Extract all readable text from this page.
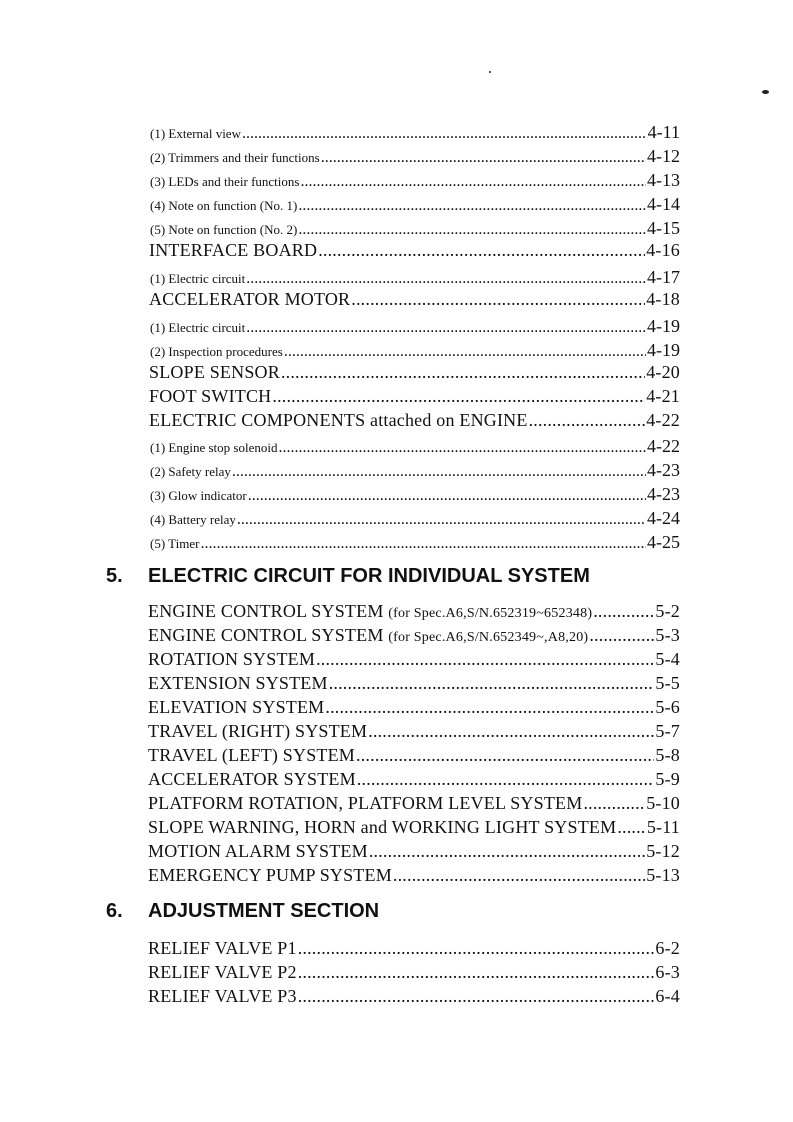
(1) External view .....	4-11
(2) Trimmers and their functions .....	4-12
(3) LEDs and their functions .....	4-13
(4) Note on function (No. 1) .....	4-14
(5) Note on function (No. 2) .....	4-15
INTERFACE BOARD .....	4-16
(1) Electric circuit .....	4-17
ACCELERATOR MOTOR .....	4-18
(1) Electric circuit .....	4-19
(2) Inspection procedures .....	4-19
SLOPE SENSOR .....	4-20
FOOT SWITCH .....	4-21
ELECTRIC COMPONENTS attached on ENGINE .....	4-22
(1) Engine stop solenoid .....	4-22
(2) Safety relay .....	4-23
(3) Glow indicator .....	4-23
(4) Battery relay .....	4-24
(5) Timer .....	4-25
5. ELECTRIC CIRCUIT FOR INDIVIDUAL SYSTEM
ENGINE CONTROL SYSTEM (for Spec.A6,S/N.652319~652348) .....	5-2
ENGINE CONTROL SYSTEM (for Spec.A6,S/N.652349~,A8,20) .....	5-3
ROTATION SYSTEM .....	5-4
EXTENSION SYSTEM .....	5-5
ELEVATION SYSTEM .....	5-6
TRAVEL (RIGHT) SYSTEM .....	5-7
TRAVEL (LEFT) SYSTEM .....	5-8
ACCELERATOR SYSTEM .....	5-9
PLATFORM ROTATION, PLATFORM LEVEL SYSTEM .....	5-10
SLOPE WARNING, HORN and WORKING LIGHT SYSTEM ..... 5-11
MOTION ALARM SYSTEM .....	5-12
EMERGENCY PUMP SYSTEM .....	5-13
6. ADJUSTMENT SECTION
RELIEF VALVE P1 .....	6-2
RELIEF VALVE P2 .....	6-3
RELIEF VALVE P3 .....	6-4
